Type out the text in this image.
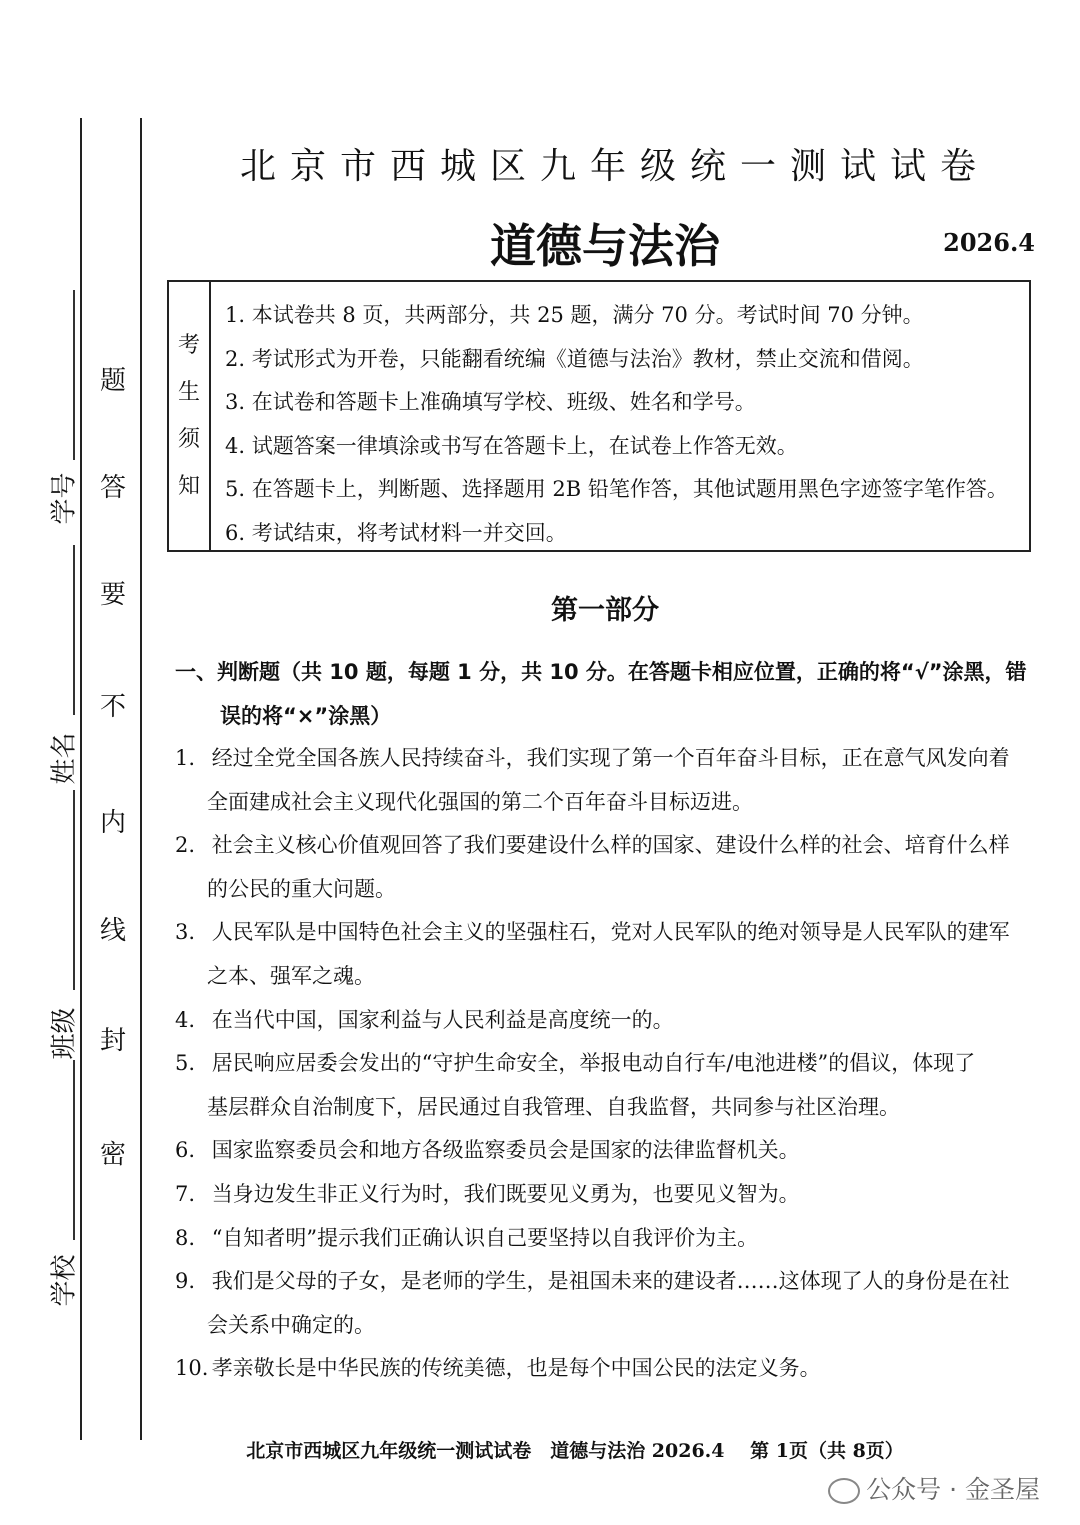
题
答
要
不
内
线
封
密
学号
姓名
班级
学校
北京市西城区九年级统一测试试卷
道德与法治	2026.4
考
生
须
知
1. 本试卷共 8 页，共两部分，共 25 题，满分 70 分。考试时间 70 分钟。
2. 考试形式为开卷，只能翻看统编《道德与法治》教材，禁止交流和借阅。
3. 在试卷和答题卡上准确填写学校、班级、姓名和学号。
4. 试题答案一律填涂或书写在答题卡上，在试卷上作答无效。
5. 在答题卡上，判断题、选择题用 2B 铅笔作答，其他试题用黑色字迹签字笔作答。
6. 考试结束，将考试材料一并交回。
第一部分
一、判断题（共 10 题，每题 1 分，共 10 分。在答题卡相应位置，正确的将“√”涂黑，错
误的将“×”涂黑）
1. 经过全党全国各族人民持续奋斗，我们实现了第一个百年奋斗目标，正在意气风发向着
全面建成社会主义现代化强国的第二个百年奋斗目标迈进。
2. 社会主义核心价值观回答了我们要建设什么样的国家、建设什么样的社会、培育什么样
的公民的重大问题。
3. 人民军队是中国特色社会主义的坚强柱石，党对人民军队的绝对领导是人民军队的建军
之本、强军之魂。
4. 在当代中国，国家利益与人民利益是高度统一的。
5. 居民响应居委会发出的“守护生命安全，举报电动自行车/电池进楼”的倡议，体现了
基层群众自治制度下，居民通过自我管理、自我监督，共同参与社区治理。
6. 国家监察委员会和地方各级监察委员会是国家的法律监督机关。
7. 当身边发生非正义行为时，我们既要见义勇为，也要见义智为。
8. “自知者明”提示我们正确认识自己要坚持以自我评价为主。
9. 我们是父母的子女，是老师的学生，是祖国未来的建设者……这体现了人的身份是在社
会关系中确定的。
10. 孝亲敬长是中华民族的传统美德，也是每个中国公民的法定义务。
北京市西城区九年级统一测试试卷　道德与法治 2026.4　 第 1页（共 8页）
公众号 · 金圣屋
